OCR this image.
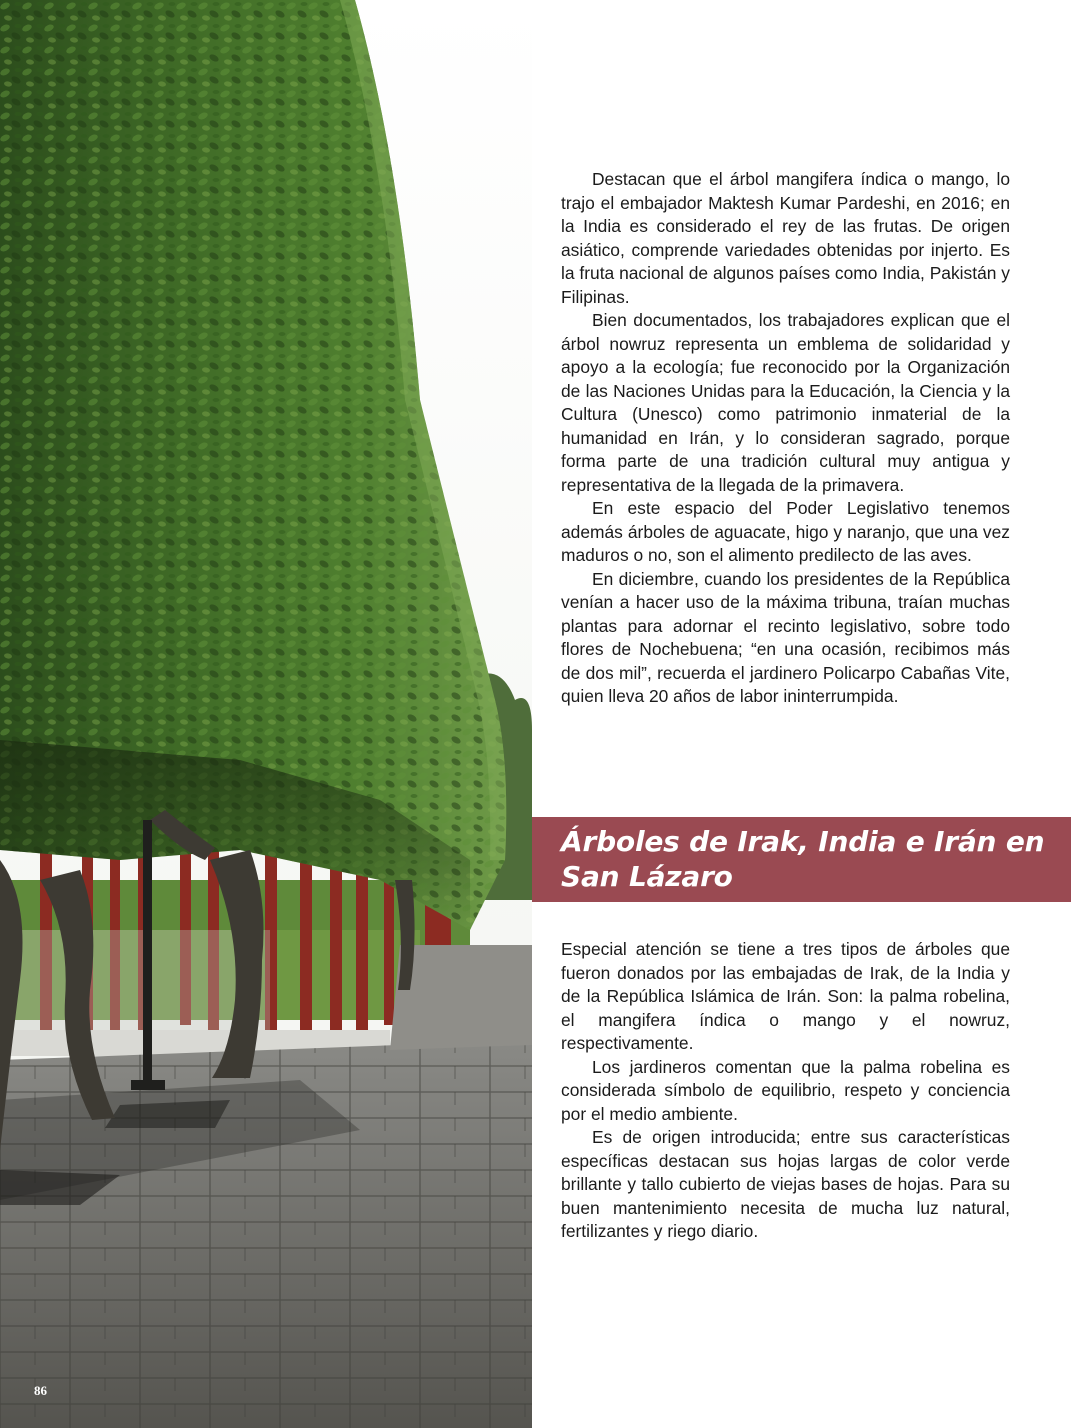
86

Destacan que el árbol mangifera índica o mango, lo trajo el embajador Maktesh Kumar Pardeshi, en 2016; en la India es considerado el rey de las frutas. De origen asiático, comprende variedades obtenidas por injerto. Es la fruta nacional de algunos países como India, Pakistán y Filipinas.

Bien documentados, los trabajadores explican que el árbol nowruz representa un emblema de solidaridad y apoyo a la ecología; fue reconocido por la Organización de las Naciones Unidas para la Educación, la Ciencia y la Cultura (Unesco) como patrimonio inmaterial de la humanidad en Irán, y lo consideran sagrado, porque forma parte de una tradición cultural muy antigua y representativa de la llegada de la primavera.

En este espacio del Poder Legislativo tenemos además árboles de aguacate, higo y naranjo, que una vez maduros o no, son el alimento predilecto de las aves.

En diciembre, cuando los presidentes de la República venían a hacer uso de la máxima tribuna, traían muchas plantas para adornar el recinto legislativo, sobre todo flores de Nochebuena; “en una ocasión, recibimos más de dos mil”, recuerda el jardinero Policarpo Cabañas Vite, quien lleva 20 años de labor ininterrumpida.

Árboles de Irak, India e Irán en San Lázaro

Especial atención se tiene a tres tipos de árboles que fueron donados por las embajadas de Irak, de la India y de la República Islámica de Irán. Son: la palma robelina, el mangifera índica o mango y el nowruz, respectivamente.

Los jardineros comentan que la palma robelina es considerada símbolo de equilibrio, respeto y conciencia por el medio ambiente.

Es de origen introducida; entre sus características específicas destacan sus hojas largas de color verde brillante y tallo cubierto de viejas bases de hojas. Para su buen mantenimiento necesita de mucha luz natural, fertilizantes y riego diario.
